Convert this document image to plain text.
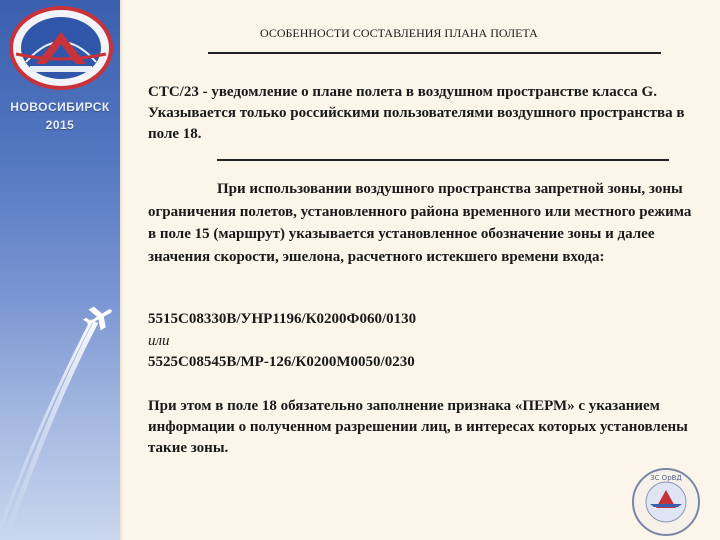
НОВОСИБИРСК
2015
ОСОБЕННОСТИ СОСТАВЛЕНИЯ ПЛАНА ПОЛЕТА
СТС/23 - уведомление о плане полета в воздушном пространстве класса G. Указывается только российскими пользователями воздушного пространства в поле 18.
При использовании воздушного пространства запретной зоны, зоны ограничения полетов, установленного района временного или местного режима в поле 15 (маршрут) указывается установленное обозначение зоны и далее значения скорости, эшелона, расчетного истекшего времени входа:
5515С08330В/УНР1196/К0200Ф060/0130
или
5525С08545В/МР-126/К0200М0050/0230
При этом в поле 18 обязательно заполнение признака «ПЕРМ» с указанием информации о полученном разрешении лиц, в интересах которых установлены такие зоны.
ЗС ОрВД
